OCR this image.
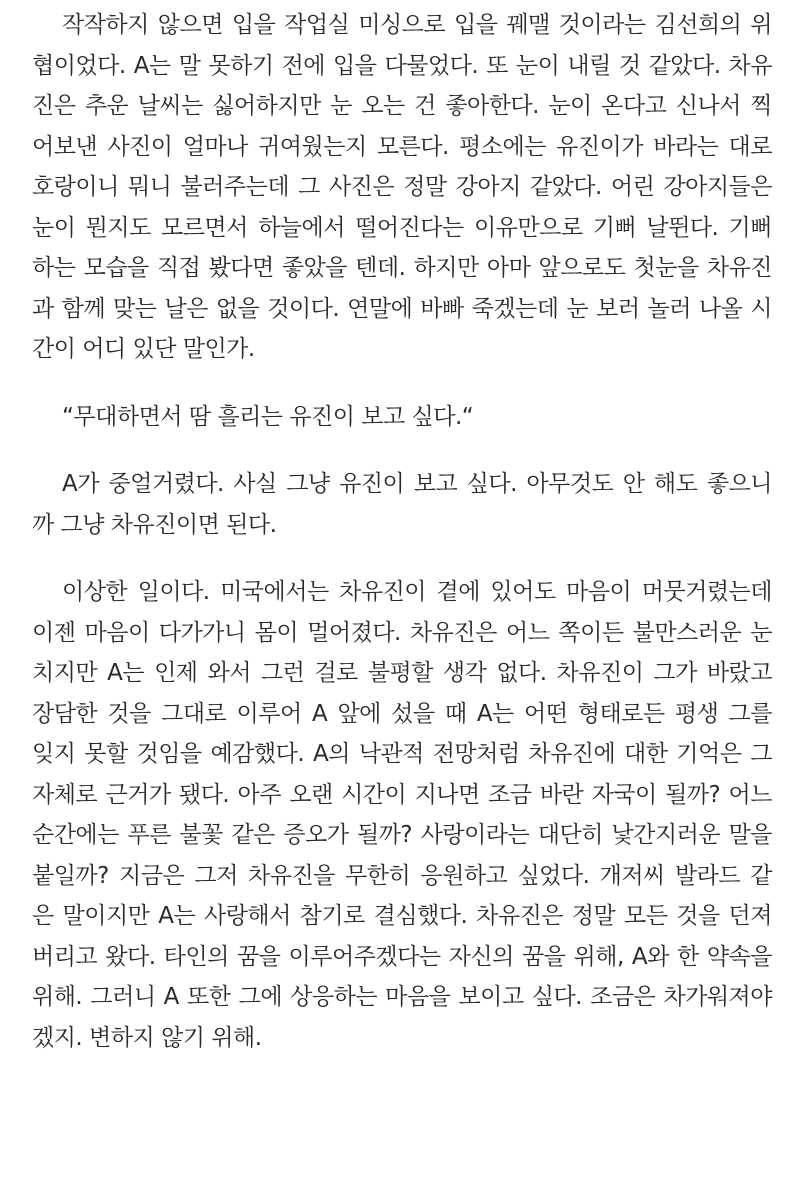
작작하지 않으면 입을 작업실 미싱으로 입을 꿰맬 것이라는 김선희의 위
협이었다. A는 말 못하기 전에 입을 다물었다. 또 눈이 내릴 것 같았다. 차유
진은 추운 날씨는 싫어하지만 눈 오는 건 좋아한다. 눈이 온다고 신나서 찍
어보낸 사진이 얼마나 귀여웠는지 모른다. 평소에는 유진이가 바라는 대로
호랑이니 뭐니 불러주는데 그 사진은 정말 강아지 같았다. 어린 강아지들은
눈이 뭔지도 모르면서 하늘에서 떨어진다는 이유만으로 기뻐 날뛴다. 기뻐
하는 모습을 직접 봤다면 좋았을 텐데. 하지만 아마 앞으로도 첫눈을 차유진
과 함께 맞는 날은 없을 것이다. 연말에 바빠 죽겠는데 눈 보러 놀러 나올 시
간이 어디 있단 말인가.
“무대하면서 땀 흘리는 유진이 보고 싶다.“
A가 중얼거렸다. 사실 그냥 유진이 보고 싶다. 아무것도 안 해도 좋으니
까 그냥 차유진이면 된다.
이상한 일이다. 미국에서는 차유진이 곁에 있어도 마음이 머뭇거렸는데
이젠 마음이 다가가니 몸이 멀어졌다. 차유진은 어느 쪽이든 불만스러운 눈
치지만 A는 인제 와서 그런 걸로 불평할 생각 없다. 차유진이 그가 바랐고
장담한 것을 그대로 이루어 A 앞에 섰을 때 A는 어떤 형태로든 평생 그를
잊지 못할 것임을 예감했다. A의 낙관적 전망처럼 차유진에 대한 기억은 그
자체로 근거가 됐다. 아주 오랜 시간이 지나면 조금 바란 자국이 될까? 어느
순간에는 푸른 불꽃 같은 증오가 될까? 사랑이라는 대단히 낯간지러운 말을
붙일까? 지금은 그저 차유진을 무한히 응원하고 싶었다. 개저씨 발라드 같
은 말이지만 A는 사랑해서 참기로 결심했다. 차유진은 정말 모든 것을 던져
버리고 왔다. 타인의 꿈을 이루어주겠다는 자신의 꿈을 위해, A와 한 약속을
위해. 그러니 A 또한 그에 상응하는 마음을 보이고 싶다. 조금은 차가워져야
겠지. 변하지 않기 위해.
